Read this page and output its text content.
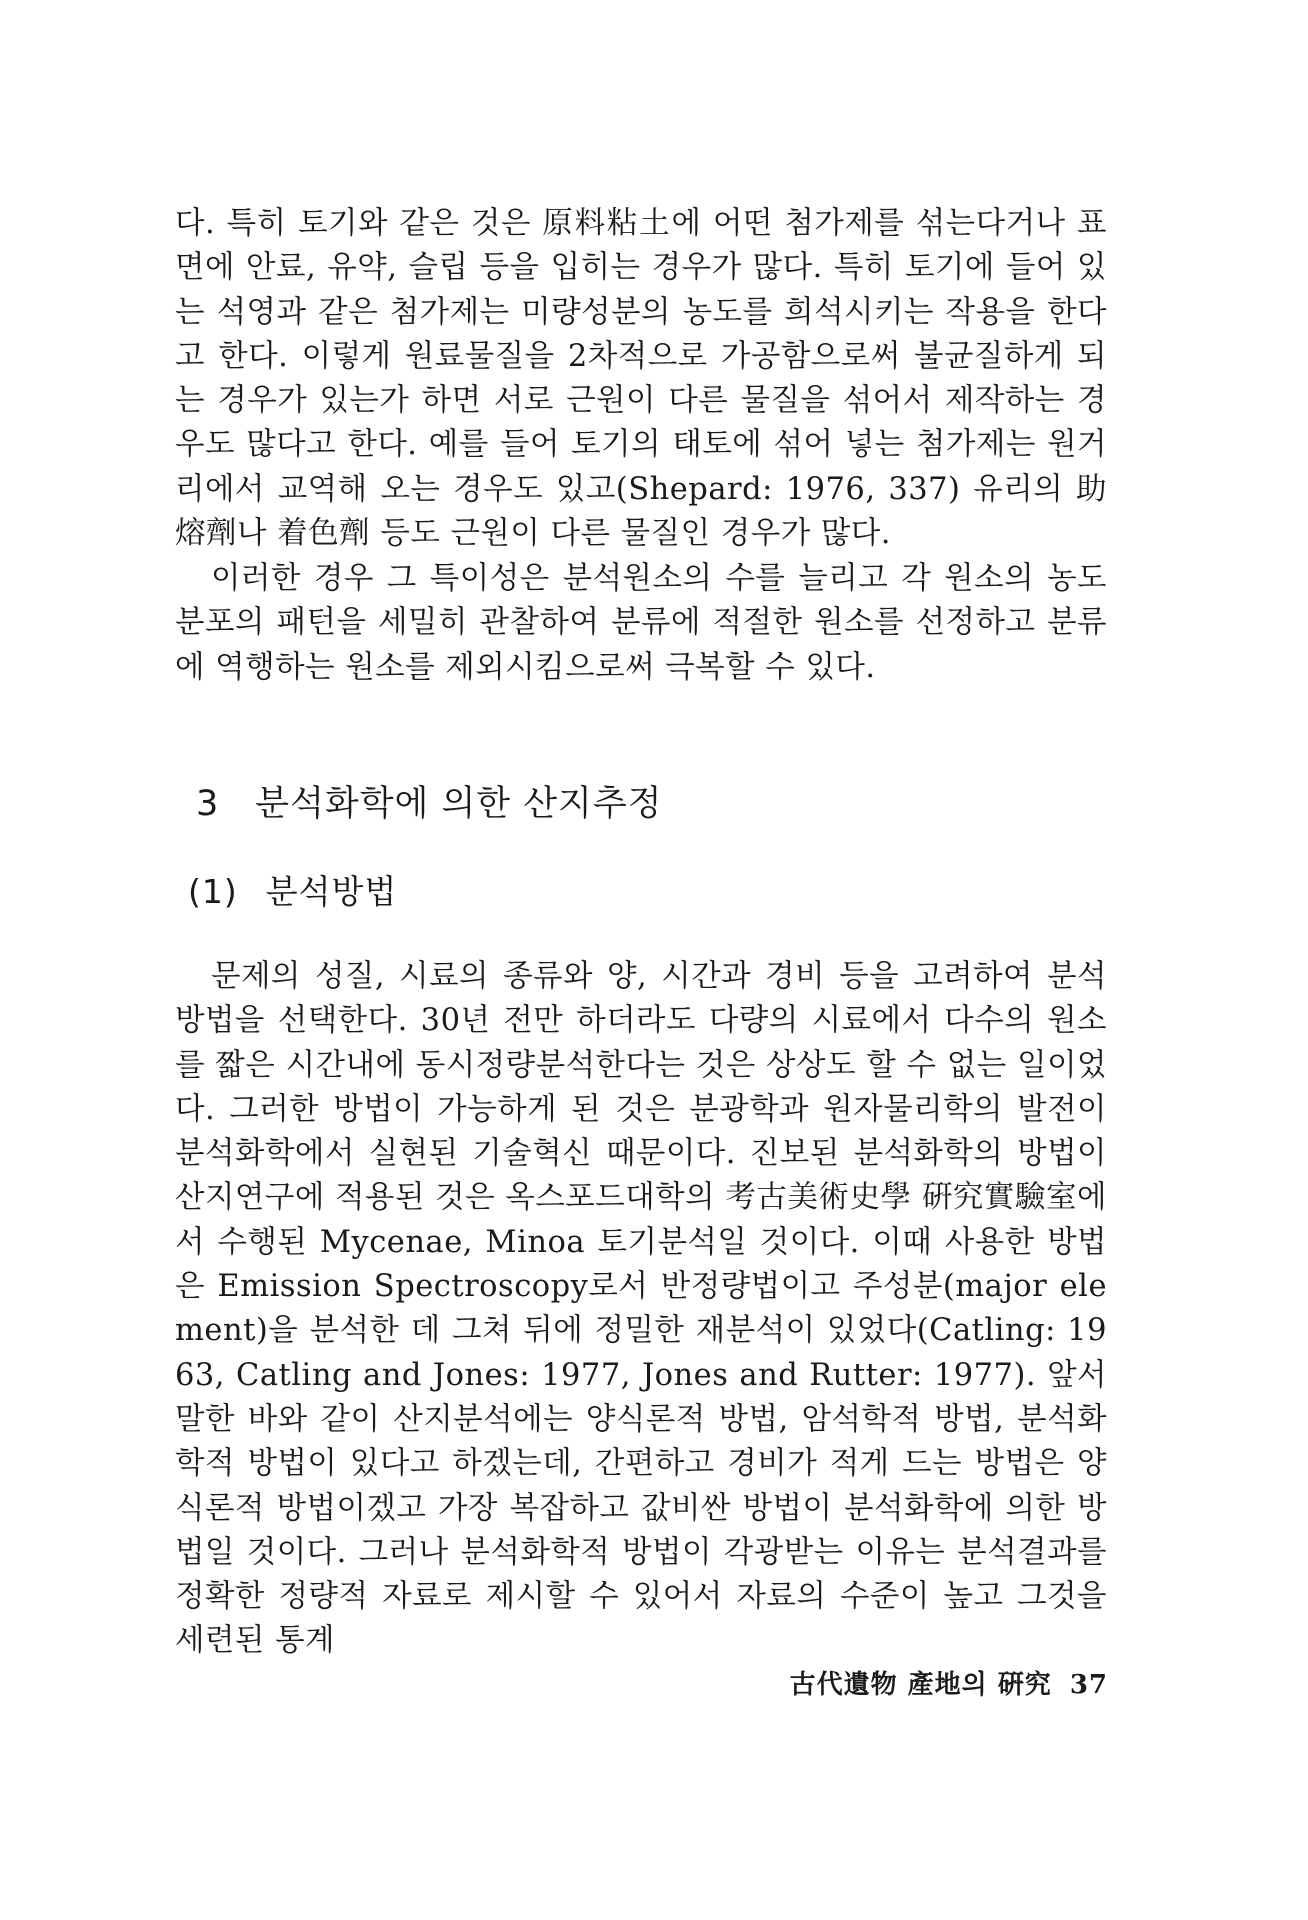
다. 특히 토기와 같은 것은 原料粘土에 어떤 첨가제를 섞는다거나 표면에 안료, 유약, 슬립 등을 입히는 경우가 많다. 특히 토기에 들어 있는 석영과 같은 첨가제는 미량성분의 농도를 희석시키는 작용을 한다고 한다. 이렇게 원료물질을 2차적으로 가공함으로써 불균질하게 되는 경우가 있는가 하면 서로 근원이 다른 물질을 섞어서 제작하는 경우도 많다고 한다. 예를 들어 토기의 태토에 섞어 넣는 첨가제는 원거리에서 교역해 오는 경우도 있고(Shepard: 1976, 337) 유리의 助熔劑나 着色劑 등도 근원이 다른 물질인 경우가 많다.

이러한 경우 그 특이성은 분석원소의 수를 늘리고 각 원소의 농도 분포의 패턴을 세밀히 관찰하여 분류에 적절한 원소를 선정하고 분류에 역행하는 원소를 제외시킴으로써 극복할 수 있다.

3 분석화학에 의한 산지추정
(1) 분석방법

문제의 성질, 시료의 종류와 양, 시간과 경비 등을 고려하여 분석 방법을 선택한다. 30년 전만 하더라도 다량의 시료에서 다수의 원소를 짧은 시간내에 동시정량분석한다는 것은 상상도 할 수 없는 일이었다. 그러한 방법이 가능하게 된 것은 분광학과 원자물리학의 발전이 분석화학에서 실현된 기술혁신 때문이다. 진보된 분석화학의 방법이 산지연구에 적용된 것은 옥스포드대학의 考古美術史學 硏究實驗室에서 수행된 Mycenae, Minoa 토기분석일 것이다. 이때 사용한 방법은 Emission Spectroscopy로서 반정량법이고 주성분(major element)을 분석한 데 그쳐 뒤에 정밀한 재분석이 있었다(Catling: 1963, Catling and Jones: 1977, Jones and Rutter: 1977). 앞서 말한 바와 같이 산지분석에는 양식론적 방법, 암석학적 방법, 분석화학적 방법이 있다고 하겠는데, 간편하고 경비가 적게 드는 방법은 양식론적 방법이겠고 가장 복잡하고 값비싼 방법이 분석화학에 의한 방법일 것이다. 그러나 분석화학적 방법이 각광받는 이유는 분석결과를 정확한 정량적 자료로 제시할 수 있어서 자료의 수준이 높고 그것을 세련된 통계

古代遺物 產地의 硏究 37
